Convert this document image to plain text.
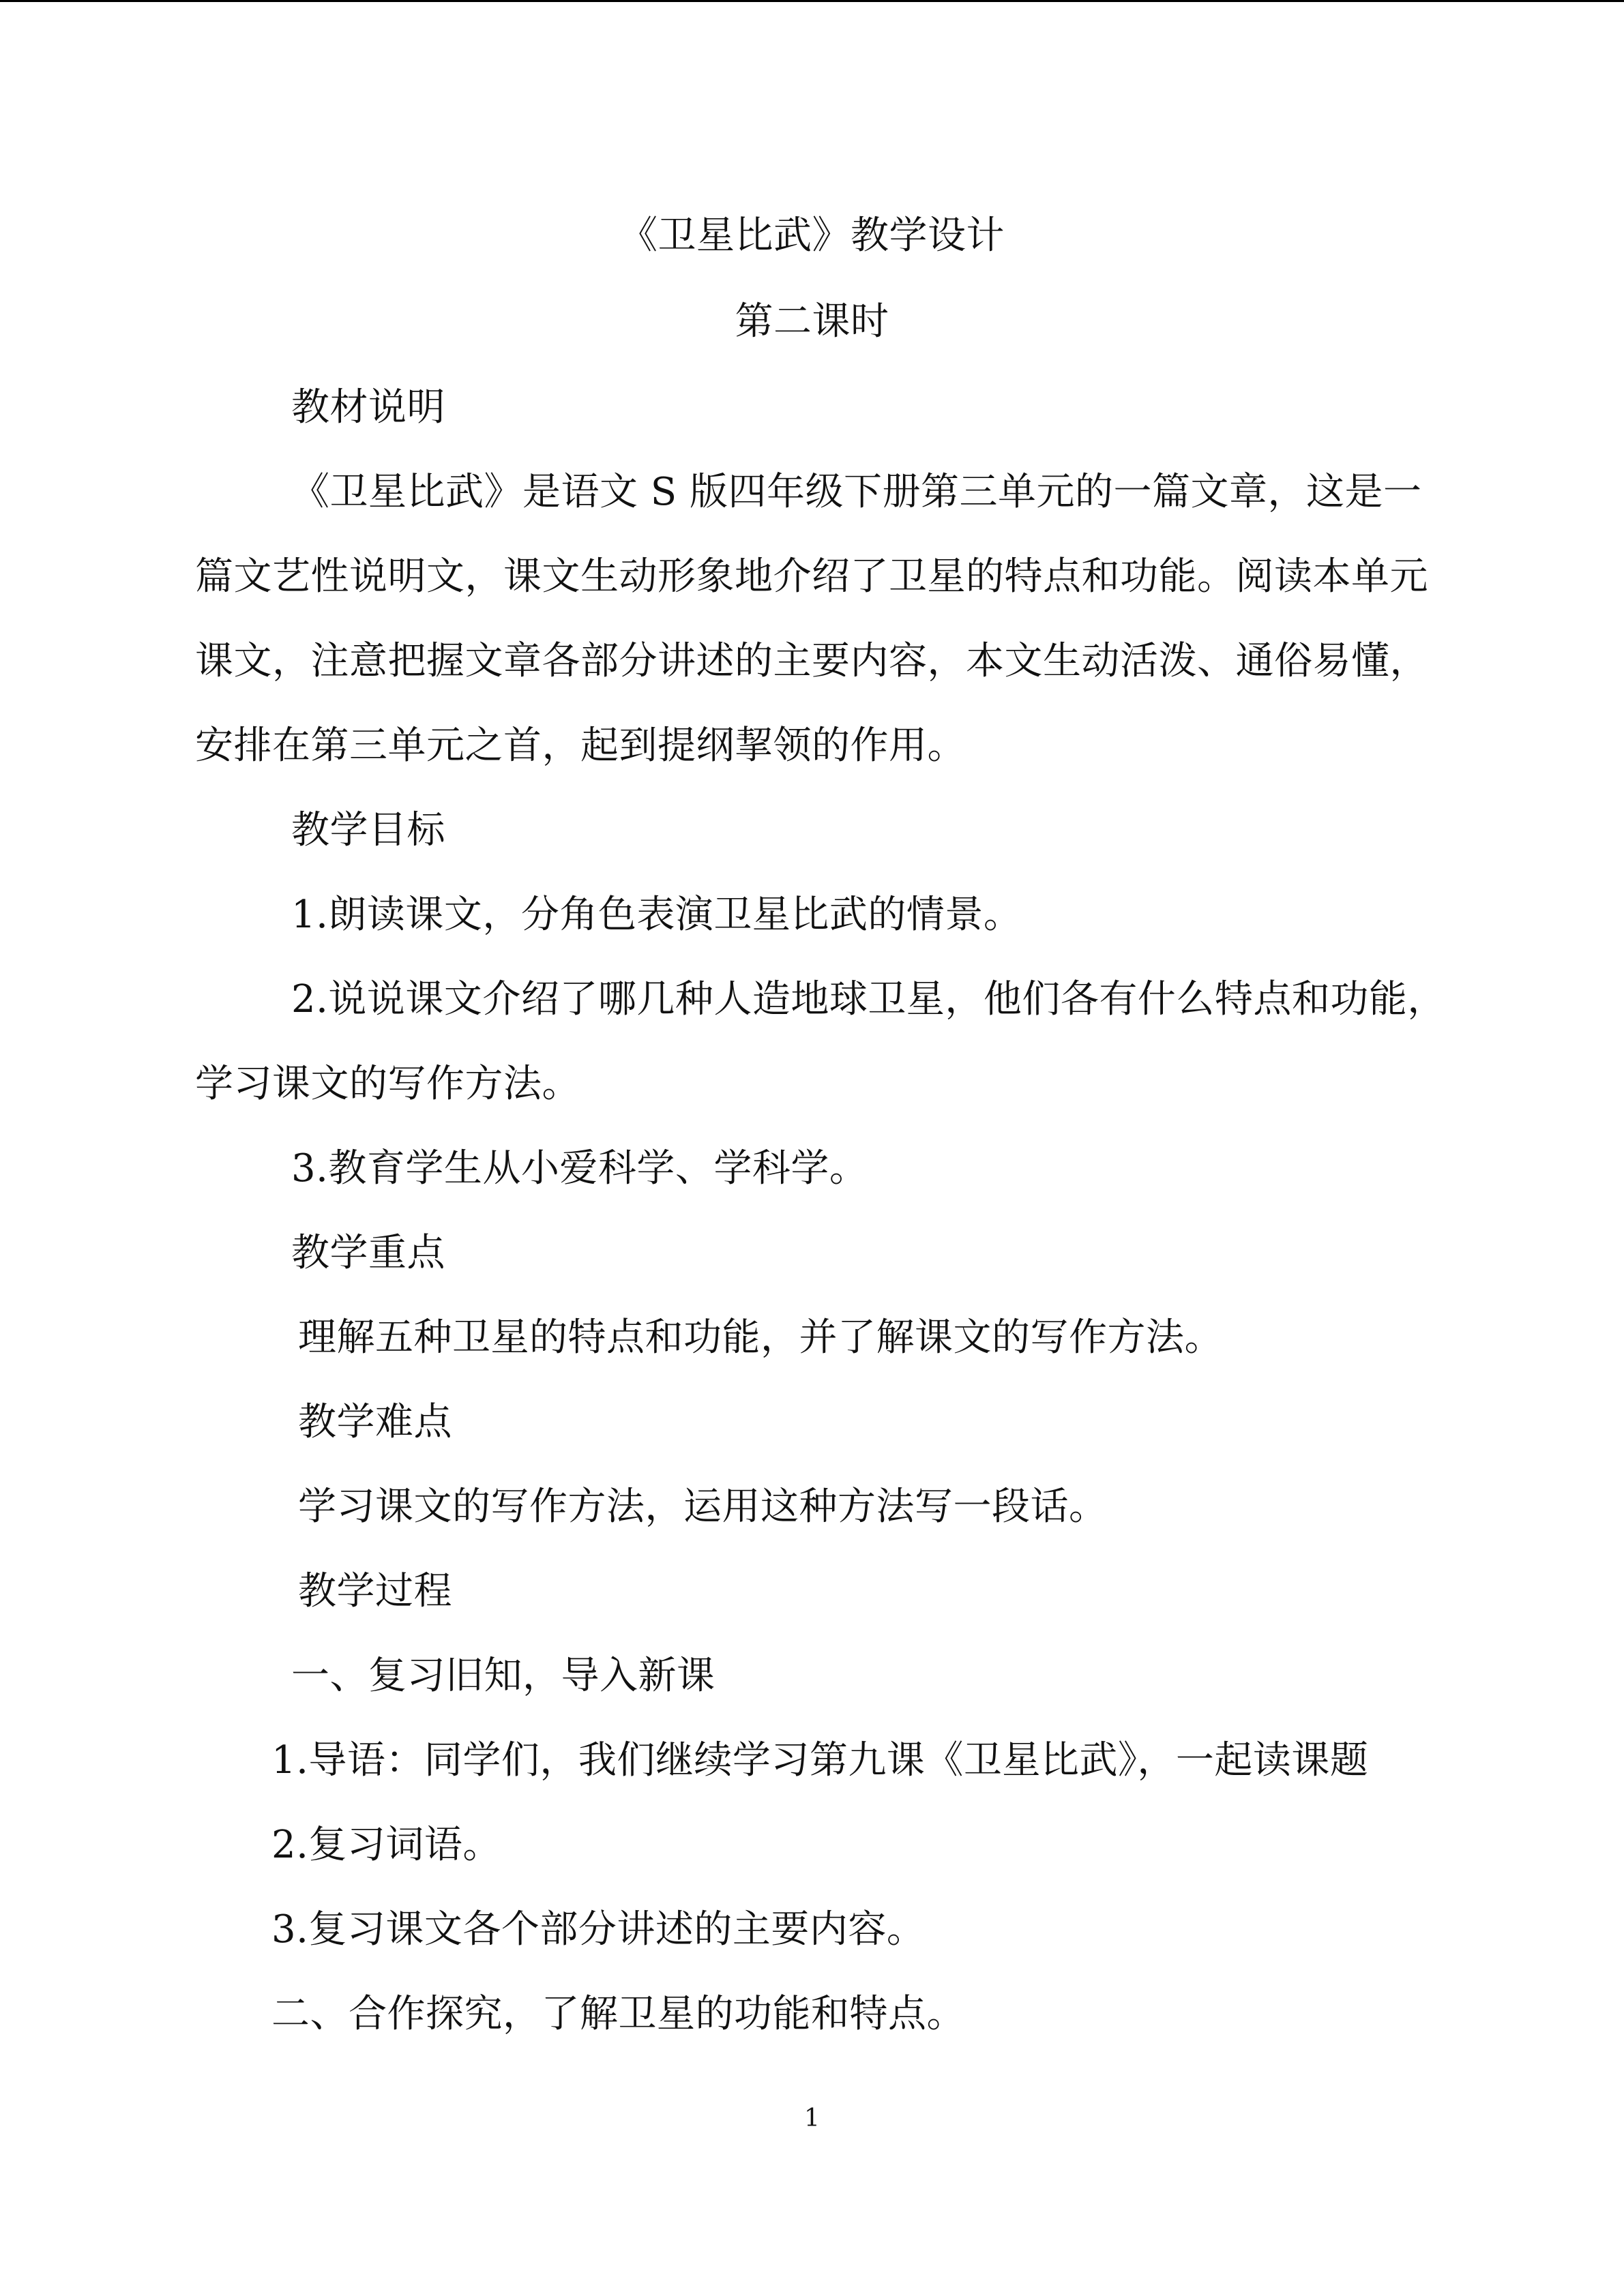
《卫星比武》教学设计
第二课时
教材说明
《卫星比武》是语文 S 版四年级下册第三单元的一篇文章，这是一
篇文艺性说明文，课文生动形象地介绍了卫星的特点和功能。阅读本单元
课文，注意把握文章各部分讲述的主要内容，本文生动活泼、通俗易懂，
安排在第三单元之首，起到提纲挈领的作用。
教学目标
1.朗读课文，分角色表演卫星比武的情景。
2.说说课文介绍了哪几种人造地球卫星，他们各有什么特点和功能，
学习课文的写作方法。
3.教育学生从小爱科学、学科学。
教学重点
理解五种卫星的特点和功能，并了解课文的写作方法。
教学难点
学习课文的写作方法，运用这种方法写一段话。
教学过程
一、复习旧知，导入新课
1.导语：同学们，我们继续学习第九课《卫星比武》，一起读课题
2.复习词语。
3.复习课文各个部分讲述的主要内容。
二、合作探究，了解卫星的功能和特点。
1
